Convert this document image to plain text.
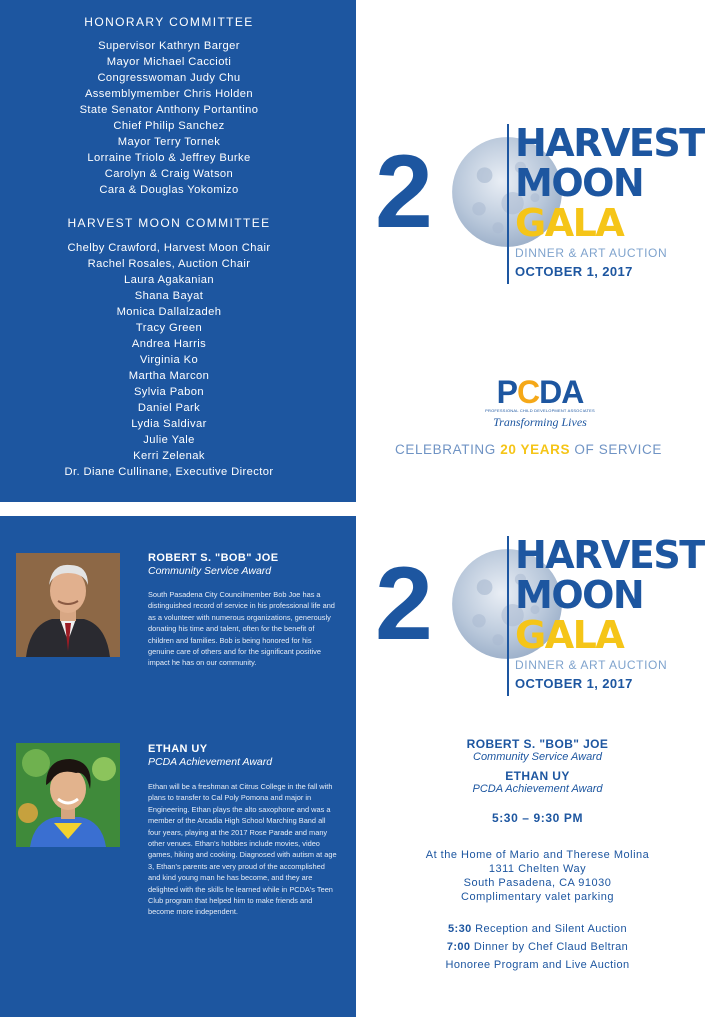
HONORARY COMMITTEE
Supervisor Kathryn Barger
Mayor Michael Caccioti
Congresswoman Judy Chu
Assemblymember Chris Holden
State Senator Anthony Portantino
Chief Philip Sanchez
Mayor Terry Tornek
Lorraine Triolo & Jeffrey Burke
Carolyn & Craig Watson
Cara & Douglas Yokomizo
HARVEST MOON COMMITTEE
Chelby Crawford, Harvest Moon Chair
Rachel Rosales, Auction Chair
Laura Agakanian
Shana Bayat
Monica Dallalzadeh
Tracy Green
Andrea Harris
Virginia Ko
Martha Marcon
Sylvia Pabon
Daniel Park
Lydia Saldivar
Julie Yale
Kerri Zelenak
Dr. Diane Cullinane, Executive Director
2 HARVEST
MOON
GALA
DINNER & ART AUCTION
OCTOBER 1, 2017
PCDA
PROFESSIONAL CHILD DEVELOPMENT ASSOCIATES
Transforming Lives
CELEBRATING 20 YEARS OF SERVICE
ROBERT S. "BOB" JOE
Community Service Award
South Pasadena City Councilmember Bob Joe has a distinguished record of service in his professional life and as a volunteer with numerous organizations, generously donating his time and talent, often for the benefit of children and families. Bob is being honored for his genuine care of others and for the significant positive impact he has on our community.
ETHAN UY
PCDA Achievement Award
Ethan will be a freshman at Citrus College in the fall with plans to transfer to Cal Poly Pomona and major in Engineering. Ethan plays the alto saxophone and was a member of the Arcadia High School Marching Band all four years, playing at the 2017 Rose Parade and many other venues. Ethan's hobbies include movies, video games, hiking and cooking. Diagnosed with autism at age 3, Ethan's parents are very proud of the accomplished and kind young man he has become, and they are delighted with the skills he learned while in PCDA's Teen Club program that helped him to make friends and become more independent.
2 HARVEST
MOON
GALA
DINNER & ART AUCTION
OCTOBER 1, 2017
ROBERT S. "BOB" JOE
Community Service Award
ETHAN UY
PCDA Achievement Award
5:30 – 9:30 PM
At the Home of Mario and Therese Molina
1311 Chelten Way
South Pasadena, CA 91030
Complimentary valet parking
5:30 Reception and Silent Auction
7:00 Dinner by Chef Claud Beltran
Honoree Program and Live Auction
